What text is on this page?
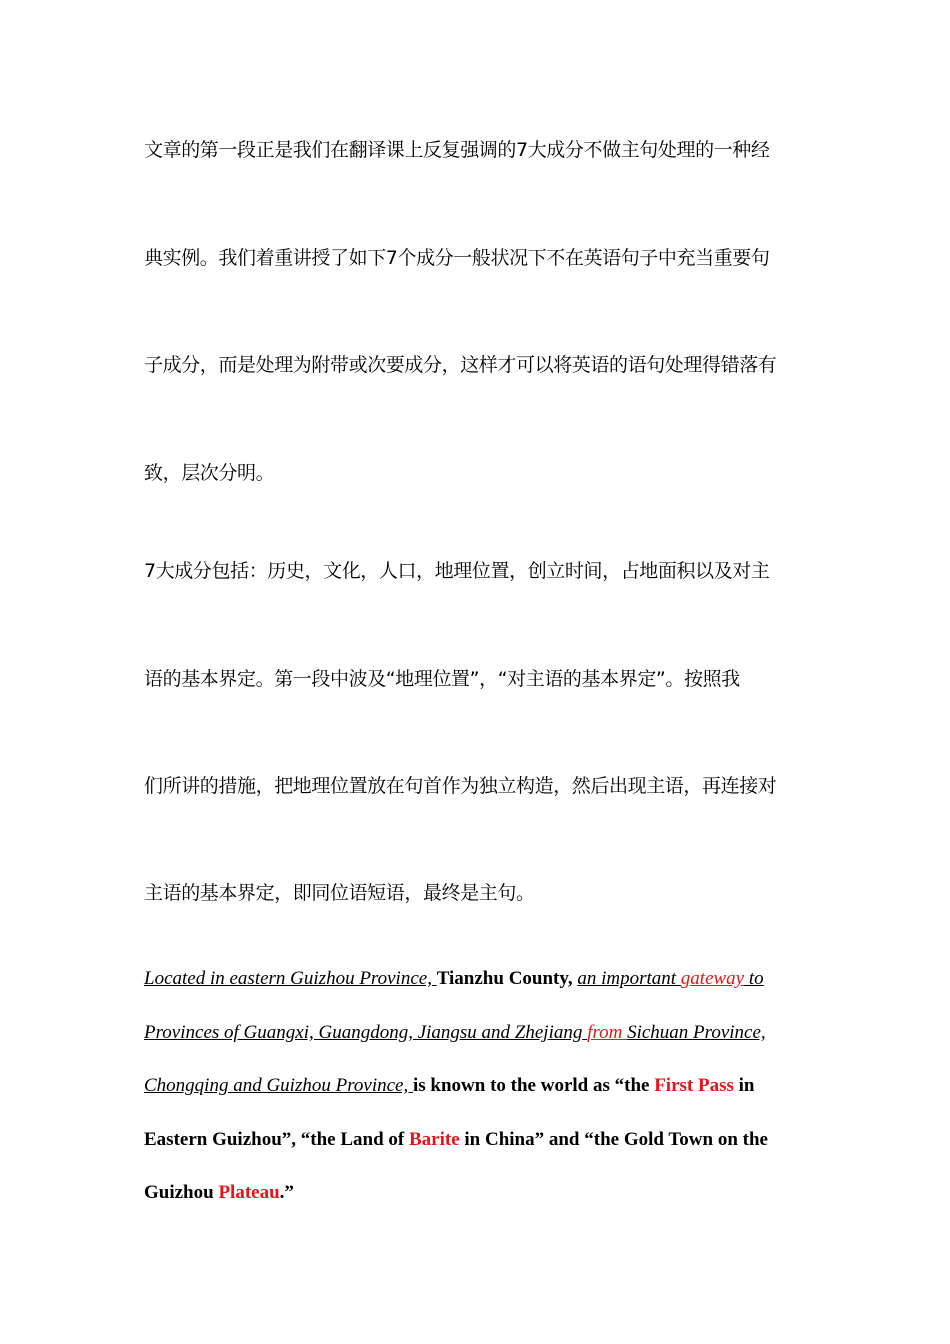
文章的第一段正是我们在翻译课上反复强调的7大成分不做主句处理的一种经
典实例。我们着重讲授了如下7个成分一般状况下不在英语句子中充当重要句
子成分，而是处理为附带或次要成分，这样才可以将英语的语句处理得错落有
致，层次分明。
7大成分包括：历史，文化，人口，地理位置，创立时间，占地面积以及对主
语的基本界定。第一段中波及“地理位置”，“对主语的基本界定”。按照我
们所讲的措施，把地理位置放在句首作为独立构造，然后出现主语，再连接对
主语的基本界定，即同位语短语，最终是主句。
Located in eastern Guizhou Province, Tianzhu County, an important gateway to
Provinces of Guangxi, Guangdong, Jiangsu and Zhejiang from Sichuan Province,
Chongqing and Guizhou Province, is known to the world as “the First Pass in
Eastern Guizhou”, “the Land of Barite in China” and “the Gold Town on the
Guizhou Plateau.”
